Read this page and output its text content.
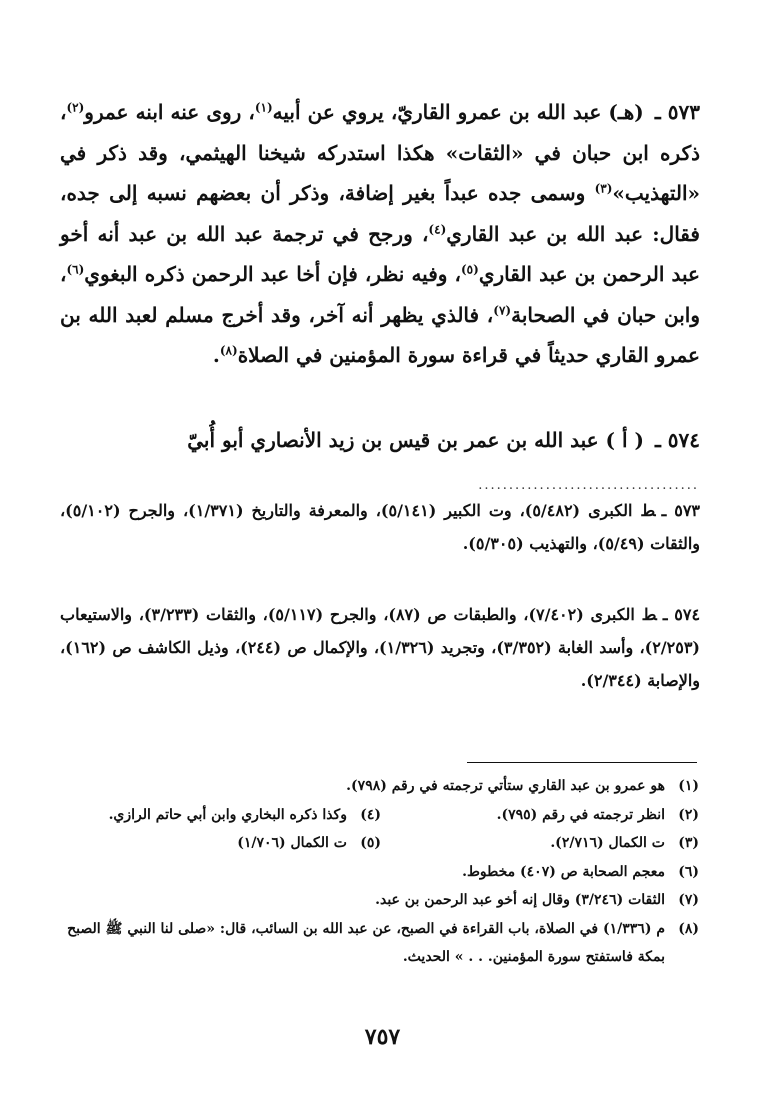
٥٧٣ ـ (هـ) عبد الله بن عمرو القاريّ، يروي عن أبيه$^{(١)}$، روى عنه ابنه عمرو$^{(٢)}$، ذكره ابن حبان في «الثقات» هكذا استدركه شيخنا الهيثمي، وقد ذكر في «التهذيب»$^{(٣)}$ وسمى جده عبداً بغير إضافة، وذكر أن بعضهم نسبه إلى جده، فقال: عبد الله بن عبد القاري$^{(٤)}$، ورجح في ترجمة عبد الله بن عبد أنه أخو عبد الرحمن بن عبد القاري$^{(٥)}$، وفيه نظر، فإن أخا عبد الرحمن ذكره البغوي$^{(٦)}$، وابن حبان في الصحابة$^{(٧)}$، فالذي يظهر أنه آخر، وقد أخرج مسلم لعبد الله بن عمرو القاري حديثاً في قراءة سورة المؤمنين في الصلاة$^{(٨)}$.
٥٧٤ ـ ( أ ) عبد الله بن عمر بن قيس بن زيد الأنصاري أبو أُبيّ
....................................
٥٧٣ ـط الكبرى (٥/٤٨٢)، وت الكبير (٥/١٤١)، والمعرفة والتاريخ (١/٣٧١)، والجرح (٥/١٠٢)، والثقات (٥/٤٩)، والتهذيب (٥/٣٠٥).
٥٧٤ ـط الكبرى (٧/٤٠٢)، والطبقات ص (٨٧)، والجرح (٥/١١٧)، والثقات (٣/٢٣٣)، والاستيعاب (٢/٢٥٣)، وأسد الغابة (٣/٣٥٢)، وتجريد (١/٣٢٦)، والإكمال ص (٢٤٤)، وذيل الكاشف ص (١٦٢)، والإصابة (٢/٣٤٤).
(١)هو عمرو بن عبد القاري ستأتي ترجمته في رقم (٧٩٨).
(٢)انظر ترجمته في رقم (٧٩٥).(٤)وكذا ذكره البخاري وابن أبي حاتم الرازي.
(٣)ت الكمال (٢/٧١٦).(٥)ت الكمال (١/٧٠٦)
(٦)معجم الصحابة ص (٤٠٧) مخطوط.
(٧)الثقات (٣/٢٤٦) وقال إنه أخو عبد الرحمن بن عبد.
(٨)
م (١/٣٣٦) في الصلاة، باب القراءة في الصبح، عن عبد الله بن السائب، قال: «صلى لنا النبي ﷺ الصبح بمكة فاستفتح سورة المؤمنين. . . » الحديث.
٧٥٧
